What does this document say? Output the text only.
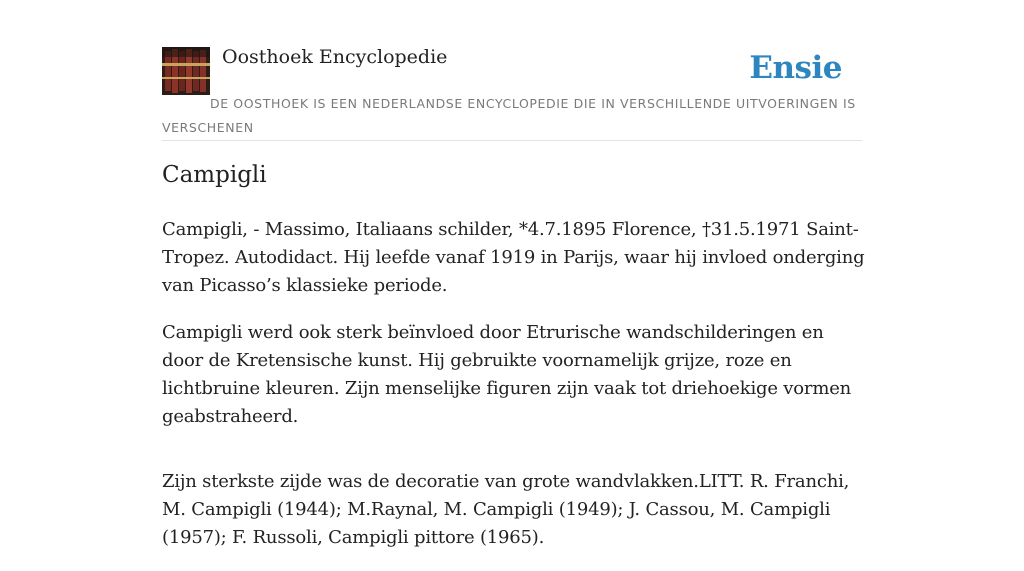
Oosthoek Encyclopedie	Ensie
DE OOSTHOEK IS EEN NEDERLANDSE ENCYCLOPEDIE DIE IN VERSCHILLENDE UITVOERINGEN IS VERSCHENEN
Campigli

Campigli, - Massimo, Italiaans schilder, *4.7.1895 Florence, †31.5.1971 Saint-Tropez. Autodidact. Hij leefde vanaf 1919 in Parijs, waar hij invloed onderging van Picasso’s klassieke periode.

Campigli werd ook sterk beïnvloed door Etrurische wandschilderingen en door de Kretensische kunst. Hij gebruikte voornamelijk grijze, roze en lichtbruine kleuren. Zijn menselijke figuren zijn vaak tot driehoekige vormen geabstraheerd.

Zijn sterkste zijde was de decoratie van grote wandvlakken.LITT. R. Franchi, M. Campigli (1944); M.Raynal, M. Campigli (1949); J. Cassou, M. Campigli (1957); F. Russoli, Campigli pittore (1965).
